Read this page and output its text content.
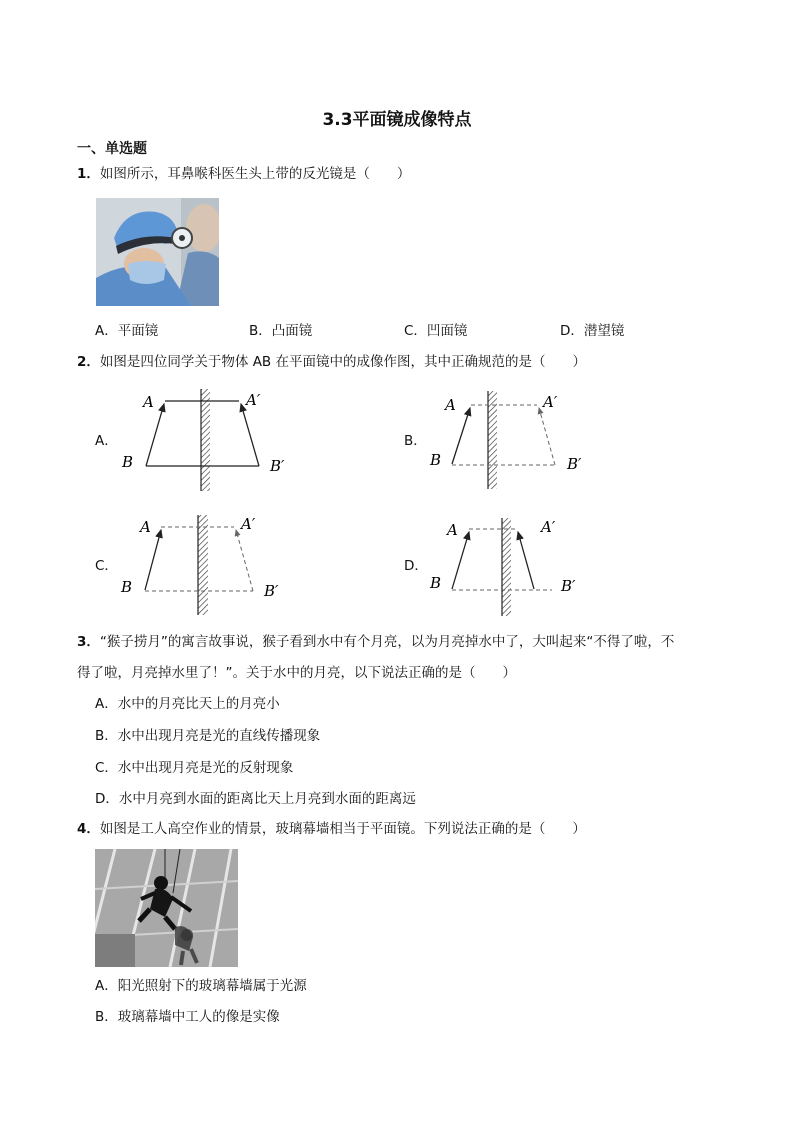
3.3平面镜成像特点
一、单选题
1．如图所示，耳鼻喉科医生头上带的反光镜是（　　）
A．平面镜	B．凸面镜	C．凹面镜	D．潜望镜
2．如图是四位同学关于物体 AB 在平面镜中的成像作图，其中正确规范的是（　　）
A．
A	A′
B	B′
B．
A	A′
B	B′
C．
A	A′
B	B′
D．
A	A′
B	B′
3．“猴子捞月”的寓言故事说，猴子看到水中有个月亮，以为月亮掉水中了，大叫起来“不得了啦，不
得了啦，月亮掉水里了！”。关于水中的月亮，以下说法正确的是（　　）
A．水中的月亮比天上的月亮小
B．水中出现月亮是光的直线传播现象
C．水中出现月亮是光的反射现象
D．水中月亮到水面的距离比天上月亮到水面的距离远
4．如图是工人高空作业的情景，玻璃幕墙相当于平面镜。下列说法正确的是（　　）
A．阳光照射下的玻璃幕墙属于光源
B．玻璃幕墙中工人的像是实像
